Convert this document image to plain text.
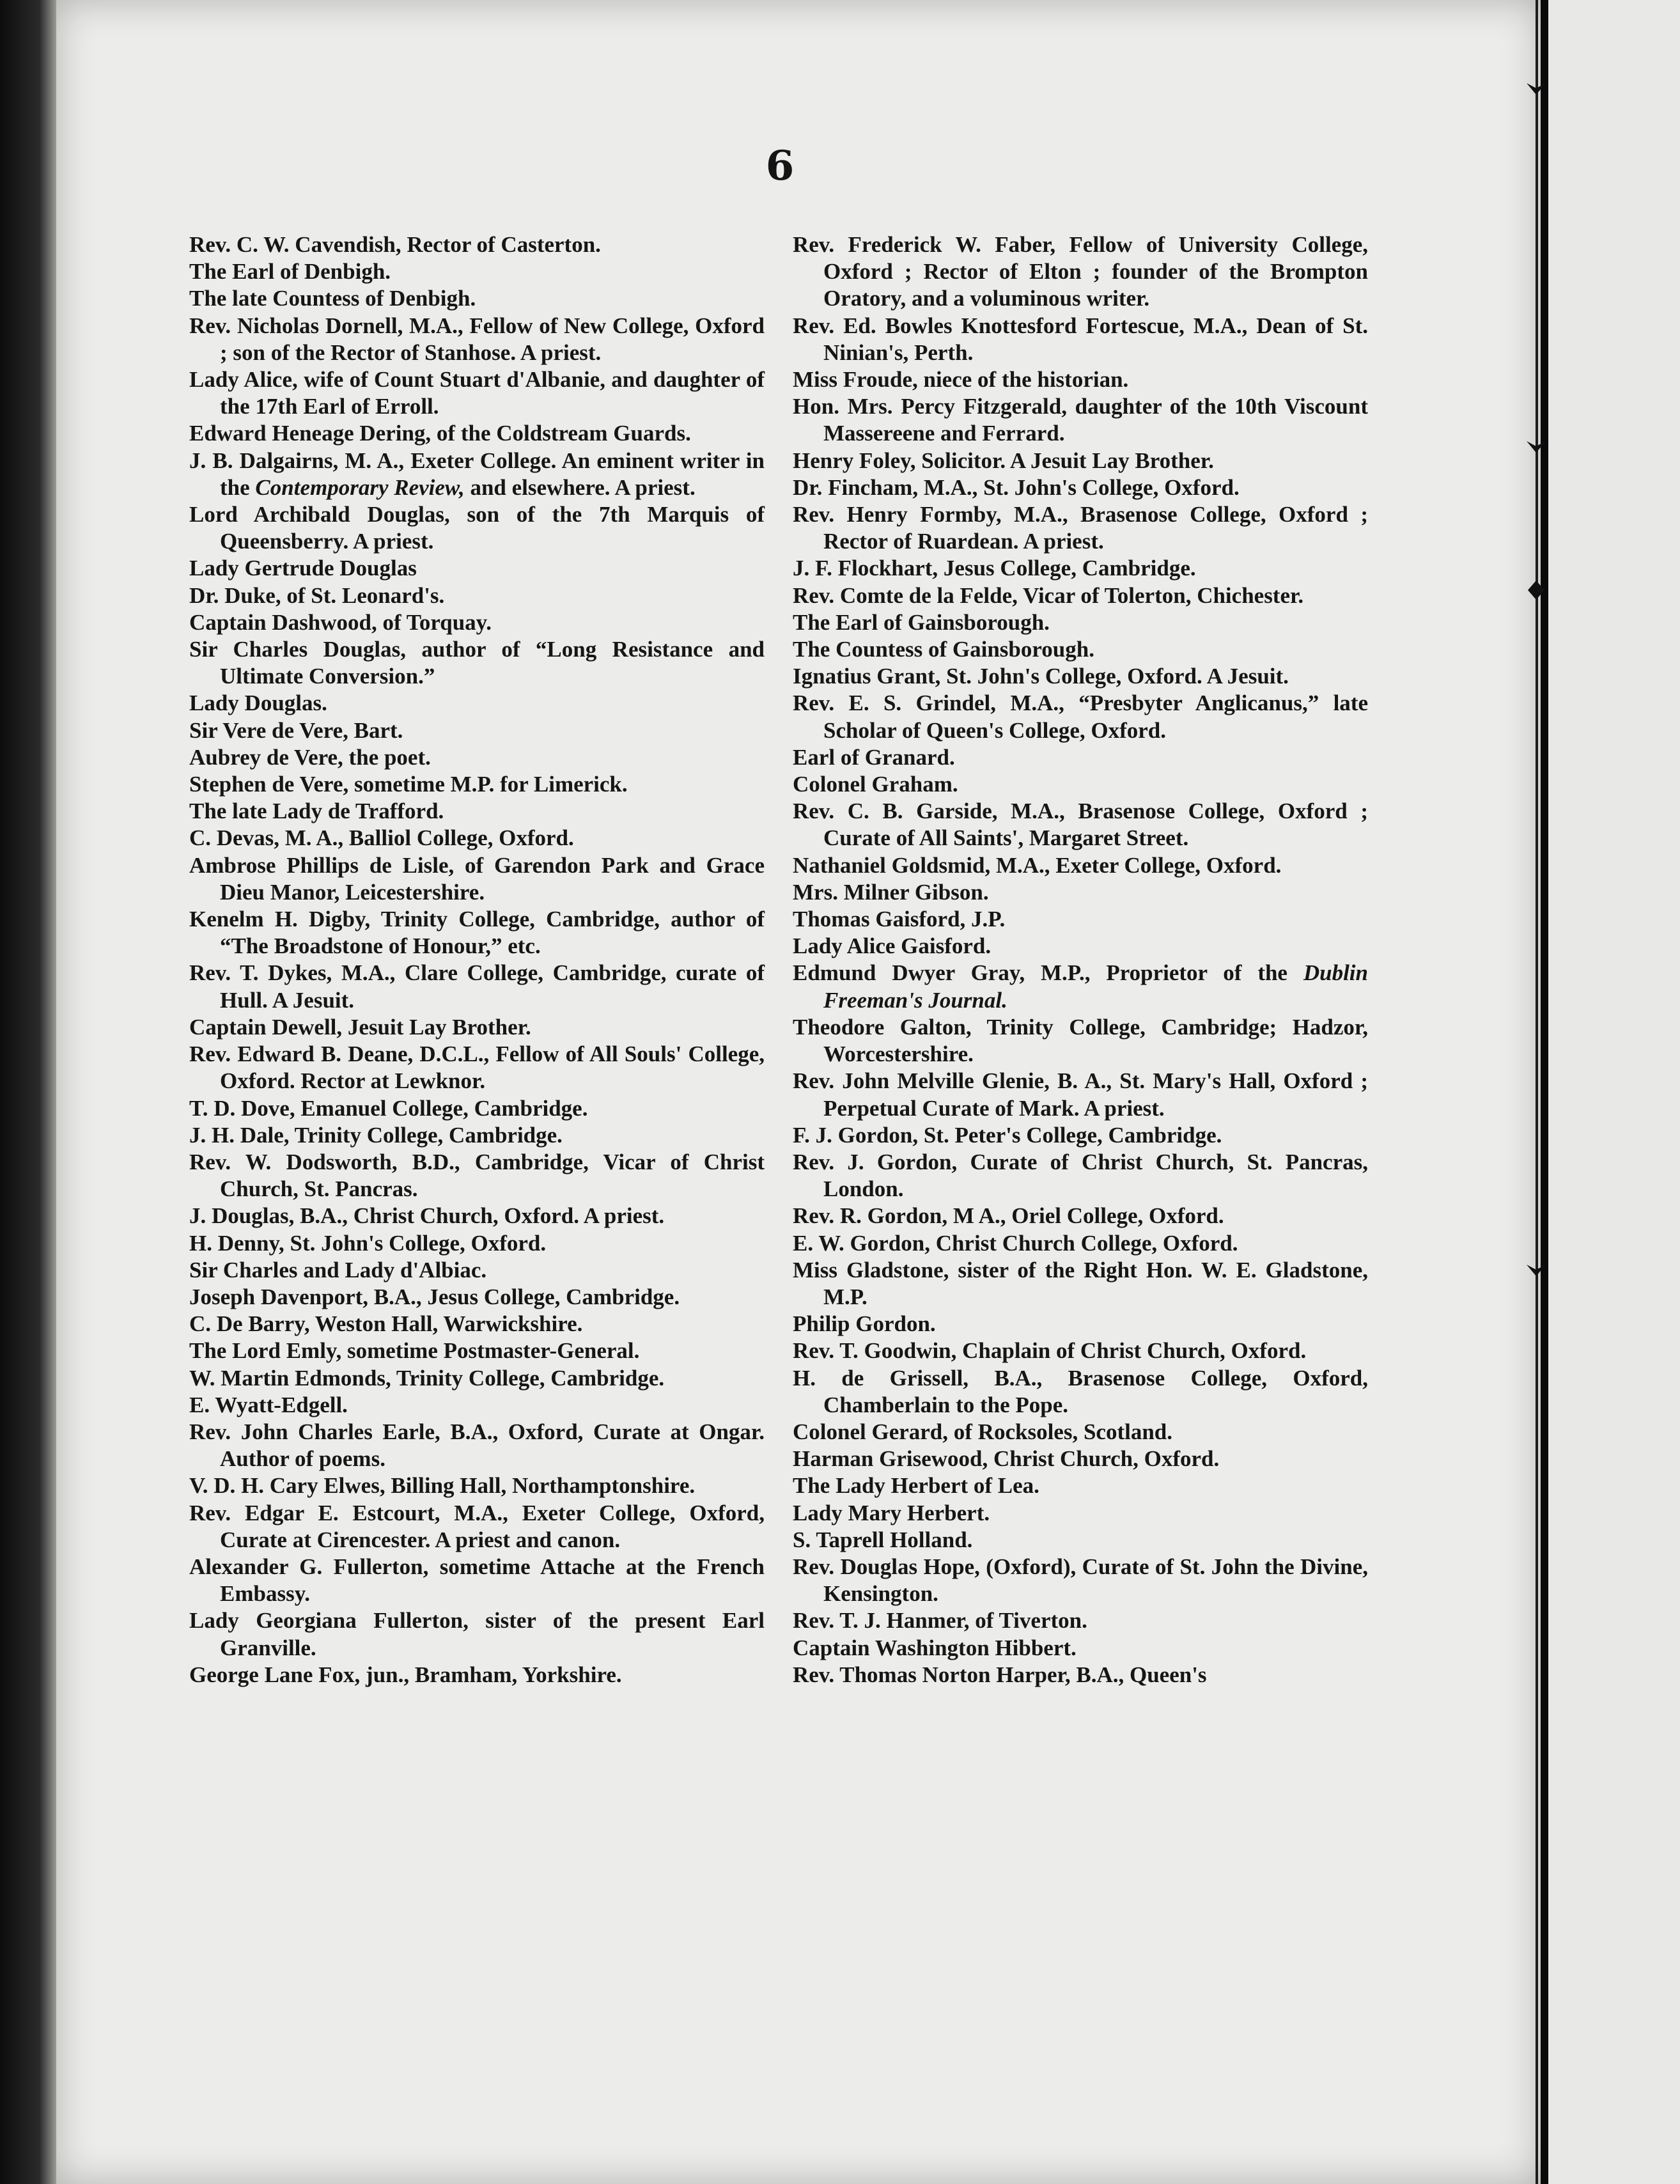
6

Rev. C. W. Cavendish, Rector of Casterton.

The Earl of Denbigh.

The late Countess of Denbigh.

Rev. Nicholas Dornell, M.A., Fellow of New College, Oxford ; son of the Rector of Stanhose. A priest.

Lady Alice, wife of Count Stuart d'Albanie, and daughter of the 17th Earl of Erroll.

Edward Heneage Dering, of the Coldstream Guards.

J. B. Dalgairns, M. A., Exeter College. An eminent writer in the Contemporary Review, and elsewhere. A priest.

Lord Archibald Douglas, son of the 7th Marquis of Queensberry. A priest.

Lady Gertrude Douglas

Dr. Duke, of St. Leonard's.

Captain Dashwood, of Torquay.

Sir Charles Douglas, author of “Long Resistance and Ultimate Conversion.”

Lady Douglas.

Sir Vere de Vere, Bart.

Aubrey de Vere, the poet.

Stephen de Vere, sometime M.P. for Limerick.

The late Lady de Trafford.

C. Devas, M. A., Balliol College, Oxford.

Ambrose Phillips de Lisle, of Garendon Park and Grace Dieu Manor, Leicestershire.

Kenelm H. Digby, Trinity College, Cambridge, author of “The Broadstone of Honour,” etc.

Rev. T. Dykes, M.A., Clare College, Cambridge, curate of Hull. A Jesuit.

Captain Dewell, Jesuit Lay Brother.

Rev. Edward B. Deane, D.C.L., Fellow of All Souls' College, Oxford. Rector at Lewknor.

T. D. Dove, Emanuel College, Cambridge.

J. H. Dale, Trinity College, Cambridge.

Rev. W. Dodsworth, B.D., Cambridge, Vicar of Christ Church, St. Pancras.

J. Douglas, B.A., Christ Church, Oxford. A priest.

H. Denny, St. John's College, Oxford.

Sir Charles and Lady d'Albiac.

Joseph Davenport, B.A., Jesus College, Cambridge.

C. De Barry, Weston Hall, Warwickshire.

The Lord Emly, sometime Postmaster-General.

W. Martin Edmonds, Trinity College, Cambridge.

E. Wyatt-Edgell.

Rev. John Charles Earle, B.A., Oxford, Curate at Ongar. Author of poems.

V. D. H. Cary Elwes, Billing Hall, Northamptonshire.

Rev. Edgar E. Estcourt, M.A., Exeter College, Oxford, Curate at Cirencester. A priest and canon.

Alexander G. Fullerton, sometime Attache at the French Embassy.

Lady Georgiana Fullerton, sister of the present Earl Granville.

George Lane Fox, jun., Bramham, Yorkshire.

Rev. Frederick W. Faber, Fellow of University College, Oxford ; Rector of Elton ; founder of the Brompton Oratory, and a voluminous writer.

Rev. Ed. Bowles Knottesford Fortescue, M.A., Dean of St. Ninian's, Perth.

Miss Froude, niece of the historian.

Hon. Mrs. Percy Fitzgerald, daughter of the 10th Viscount Massereene and Ferrard.

Henry Foley, Solicitor. A Jesuit Lay Brother.

Dr. Fincham, M.A., St. John's College, Oxford.

Rev. Henry Formby, M.A., Brasenose College, Oxford ; Rector of Ruardean. A priest.

J. F. Flockhart, Jesus College, Cambridge.

Rev. Comte de la Felde, Vicar of Tolerton, Chichester.

The Earl of Gainsborough.

The Countess of Gainsborough.

Ignatius Grant, St. John's College, Oxford. A Jesuit.

Rev. E. S. Grindel, M.A., “Presbyter Anglicanus,” late Scholar of Queen's College, Oxford.

Earl of Granard.

Colonel Graham.

Rev. C. B. Garside, M.A., Brasenose College, Oxford ; Curate of All Saints', Margaret Street.

Nathaniel Goldsmid, M.A., Exeter College, Oxford.

Mrs. Milner Gibson.

Thomas Gaisford, J.P.

Lady Alice Gaisford.

Edmund Dwyer Gray, M.P., Proprietor of the Dublin Freeman's Journal.

Theodore Galton, Trinity College, Cambridge; Hadzor, Worcestershire.

Rev. John Melville Glenie, B. A., St. Mary's Hall, Oxford ; Perpetual Curate of Mark. A priest.

F. J. Gordon, St. Peter's College, Cambridge.

Rev. J. Gordon, Curate of Christ Church, St. Pancras, London.

Rev. R. Gordon, M A., Oriel College, Oxford.

E. W. Gordon, Christ Church College, Oxford.

Miss Gladstone, sister of the Right Hon. W. E. Gladstone, M.P.

Philip Gordon.

Rev. T. Goodwin, Chaplain of Christ Church, Oxford.

H. de Grissell, B.A., Brasenose College, Oxford, Chamberlain to the Pope.

Colonel Gerard, of Rocksoles, Scotland.

Harman Grisewood, Christ Church, Oxford.

The Lady Herbert of Lea.

Lady Mary Herbert.

S. Taprell Holland.

Rev. Douglas Hope, (Oxford), Curate of St. John the Divine, Kensington.

Rev. T. J. Hanmer, of Tiverton.

Captain Washington Hibbert.

Rev. Thomas Norton Harper, B.A., Queen's
